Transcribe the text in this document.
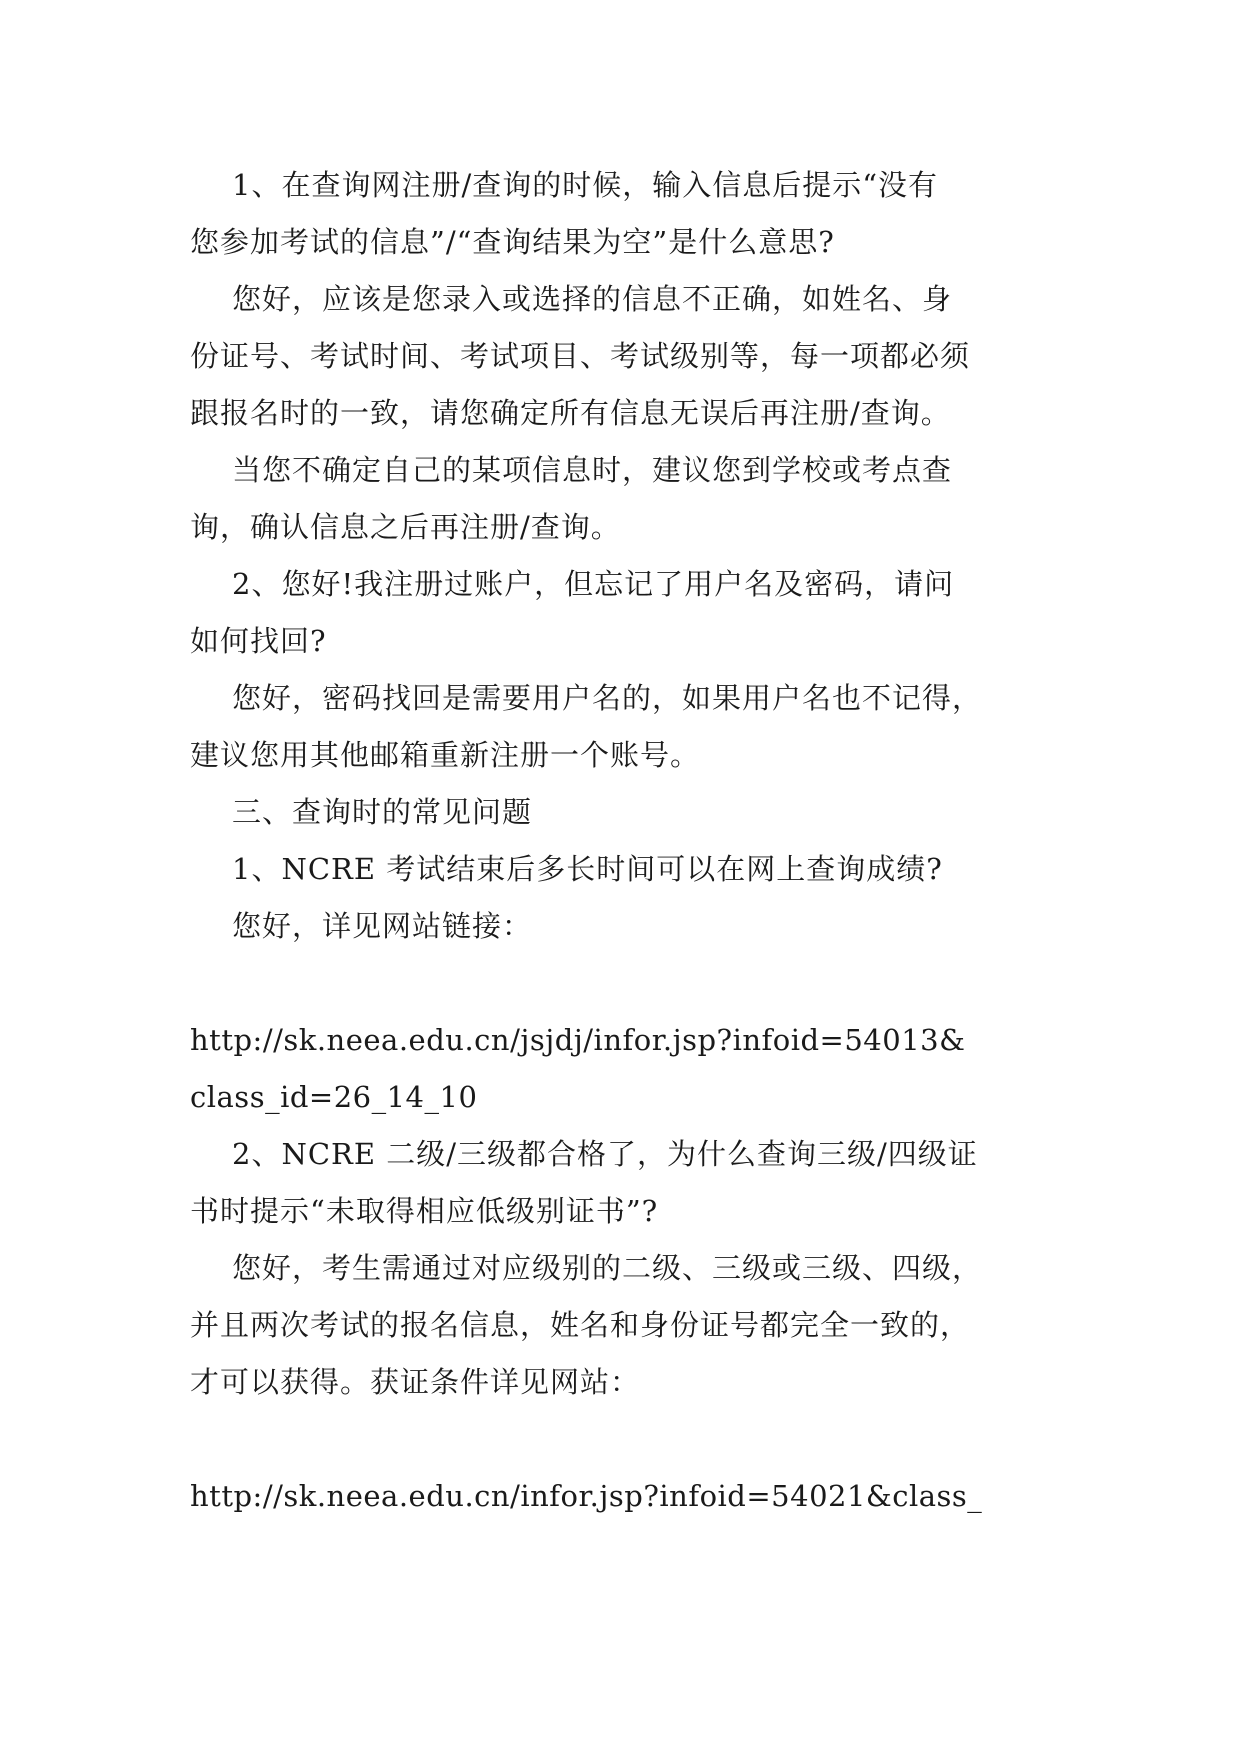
1、在查询网注册/查询的时候，输入信息后提示“没有
您参加考试的信息”/“查询结果为空”是什么意思?
您好，应该是您录入或选择的信息不正确，如姓名、身
份证号、考试时间、考试项目、考试级别等，每一项都必须
跟报名时的一致，请您确定所有信息无误后再注册/查询。
当您不确定自己的某项信息时，建议您到学校或考点查
询，确认信息之后再注册/查询。
2、您好!我注册过账户，但忘记了用户名及密码，请问
如何找回?
您好，密码找回是需要用户名的，如果用户名也不记得，
建议您用其他邮箱重新注册一个账号。
三、查询时的常见问题
1、NCRE 考试结束后多长时间可以在网上查询成绩?
您好，详见网站链接：
http://sk.neea.edu.cn/jsjdj/infor.jsp?infoid=54013&
class_id=26_14_10
2、NCRE 二级/三级都合格了，为什么查询三级/四级证
书时提示“未取得相应低级别证书”?
您好，考生需通过对应级别的二级、三级或三级、四级，
并且两次考试的报名信息，姓名和身份证号都完全一致的，
才可以获得。获证条件详见网站：
http://sk.neea.edu.cn/infor.jsp?infoid=54021&class_
